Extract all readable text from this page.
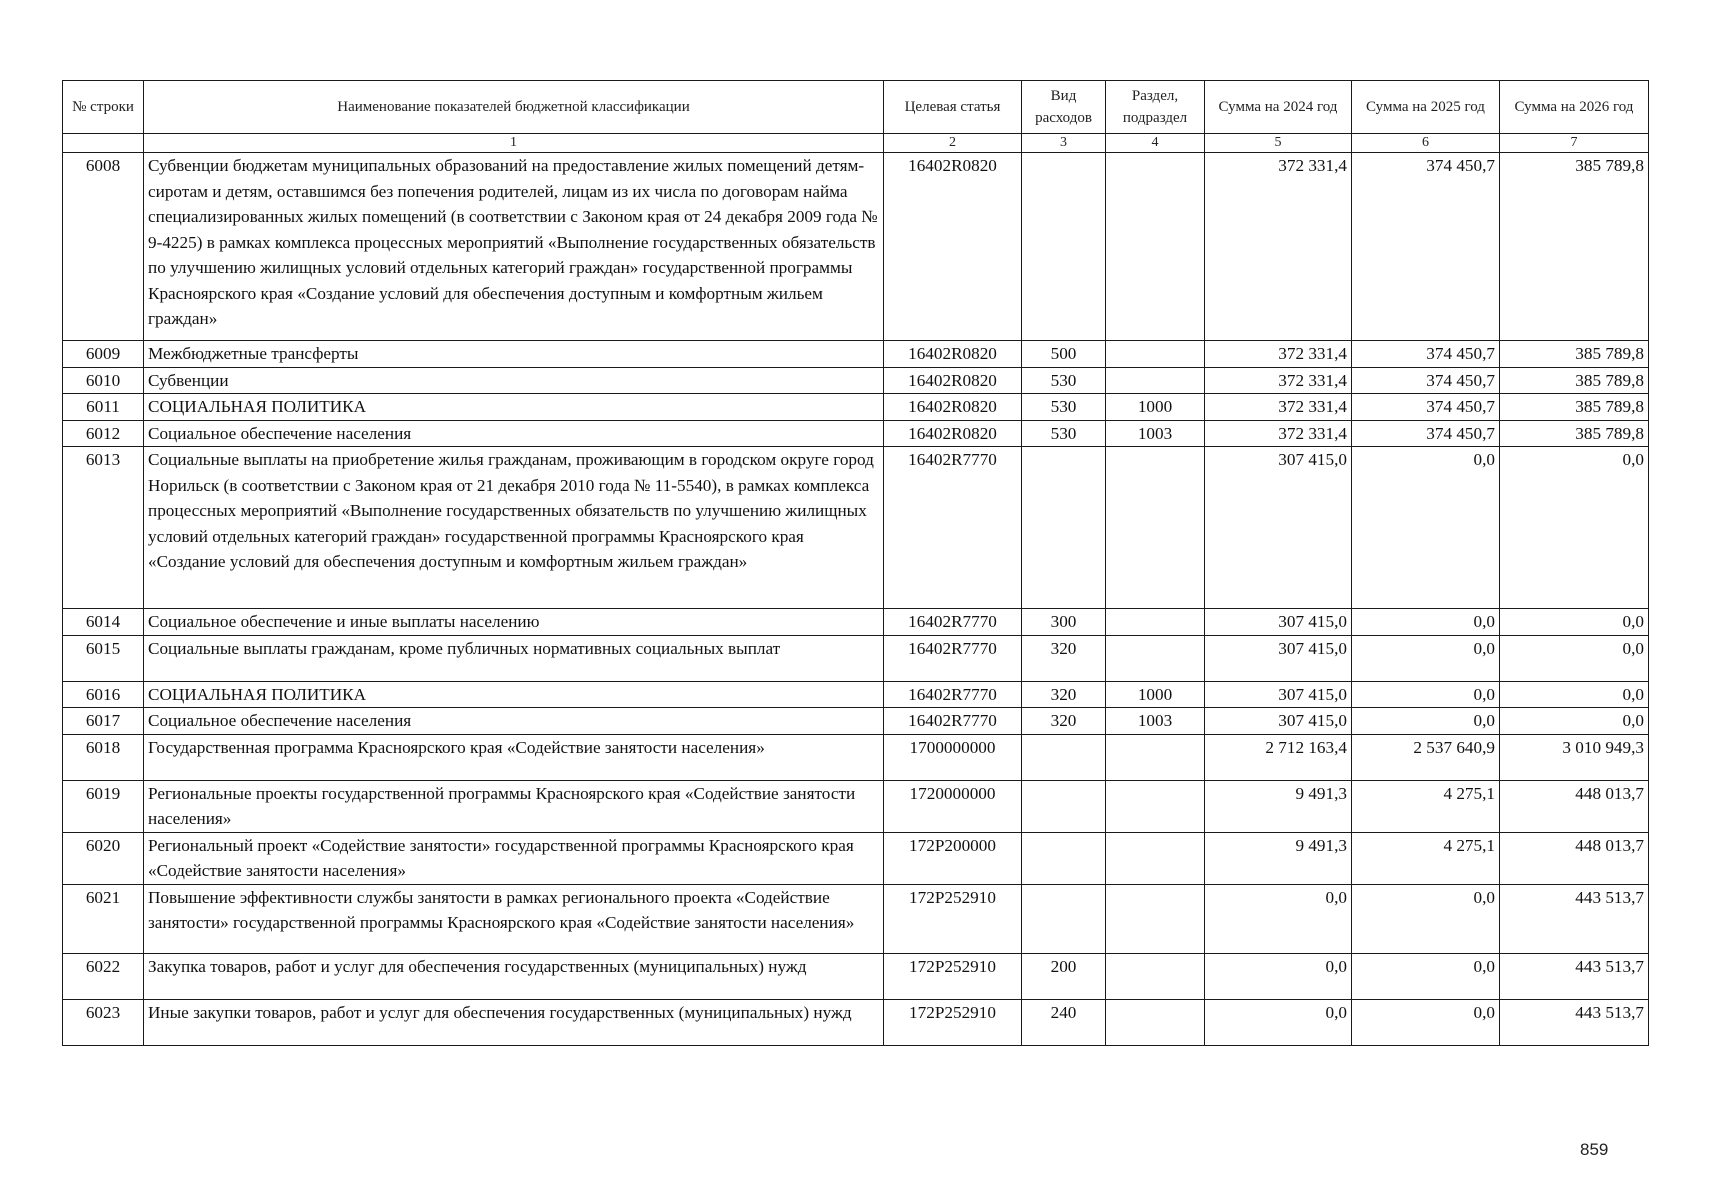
№ строки	Наименование показателей бюджетной классификации	Целевая статья	Вид расходов	Раздел, подраздел	Сумма на 2024 год	Сумма на 2025 год	Сумма на 2026 год
	1	2	3	4	5	6	7
6008	Субвенции бюджетам муниципальных образований на предоставление жилых помещений детям-сиротам и детям, оставшимся без попечения родителей, лицам из их числа по договорам найма специализированных жилых помещений (в соответствии с Законом края от 24 декабря 2009 года № 9-4225) в рамках комплекса процессных мероприятий «Выполнение государственных обязательств по улучшению жилищных условий отдельных категорий граждан» государственной программы Красноярского края «Создание условий для обеспечения доступным и комфортным жильем граждан»	16402R0820			372 331,4	374 450,7	385 789,8
6009	Межбюджетные трансферты	16402R0820	500		372 331,4	374 450,7	385 789,8
6010	Субвенции	16402R0820	530		372 331,4	374 450,7	385 789,8
6011	СОЦИАЛЬНАЯ ПОЛИТИКА	16402R0820	530	1000	372 331,4	374 450,7	385 789,8
6012	Социальное обеспечение населения	16402R0820	530	1003	372 331,4	374 450,7	385 789,8
6013	Социальные выплаты на приобретение жилья гражданам, проживающим в городском округе город Норильск (в соответствии с Законом края от 21 декабря 2010 года № 11-5540), в рамках комплекса процессных мероприятий «Выполнение государственных обязательств по улучшению жилищных условий отдельных категорий граждан» государственной программы Красноярского края «Создание условий для обеспечения доступным и комфортным жильем граждан»	16402R7770			307 415,0	0,0	0,0
6014	Социальное обеспечение и иные выплаты населению	16402R7770	300		307 415,0	0,0	0,0
6015	Социальные выплаты гражданам, кроме публичных нормативных социальных выплат	16402R7770	320		307 415,0	0,0	0,0
6016	СОЦИАЛЬНАЯ ПОЛИТИКА	16402R7770	320	1000	307 415,0	0,0	0,0
6017	Социальное обеспечение населения	16402R7770	320	1003	307 415,0	0,0	0,0
6018	Государственная программа Красноярского края «Содействие занятости населения»	1700000000			2 712 163,4	2 537 640,9	3 010 949,3
6019	Региональные проекты государственной программы Красноярского края «Содействие занятости населения»	1720000000			9 491,3	4 275,1	448 013,7
6020	Региональный проект «Содействие занятости» государственной программы Красноярского края «Содействие занятости населения»	172P200000			9 491,3	4 275,1	448 013,7
6021	Повышение эффективности службы занятости в рамках регионального проекта «Содействие занятости» государственной программы Красноярского края «Содействие занятости населения»	172P252910			0,0	0,0	443 513,7
6022	Закупка товаров, работ и услуг для обеспечения государственных (муниципальных) нужд	172P252910	200		0,0	0,0	443 513,7
6023	Иные закупки товаров, работ и услуг для обеспечения государственных (муниципальных) нужд	172P252910	240		0,0	0,0	443 513,7
859
